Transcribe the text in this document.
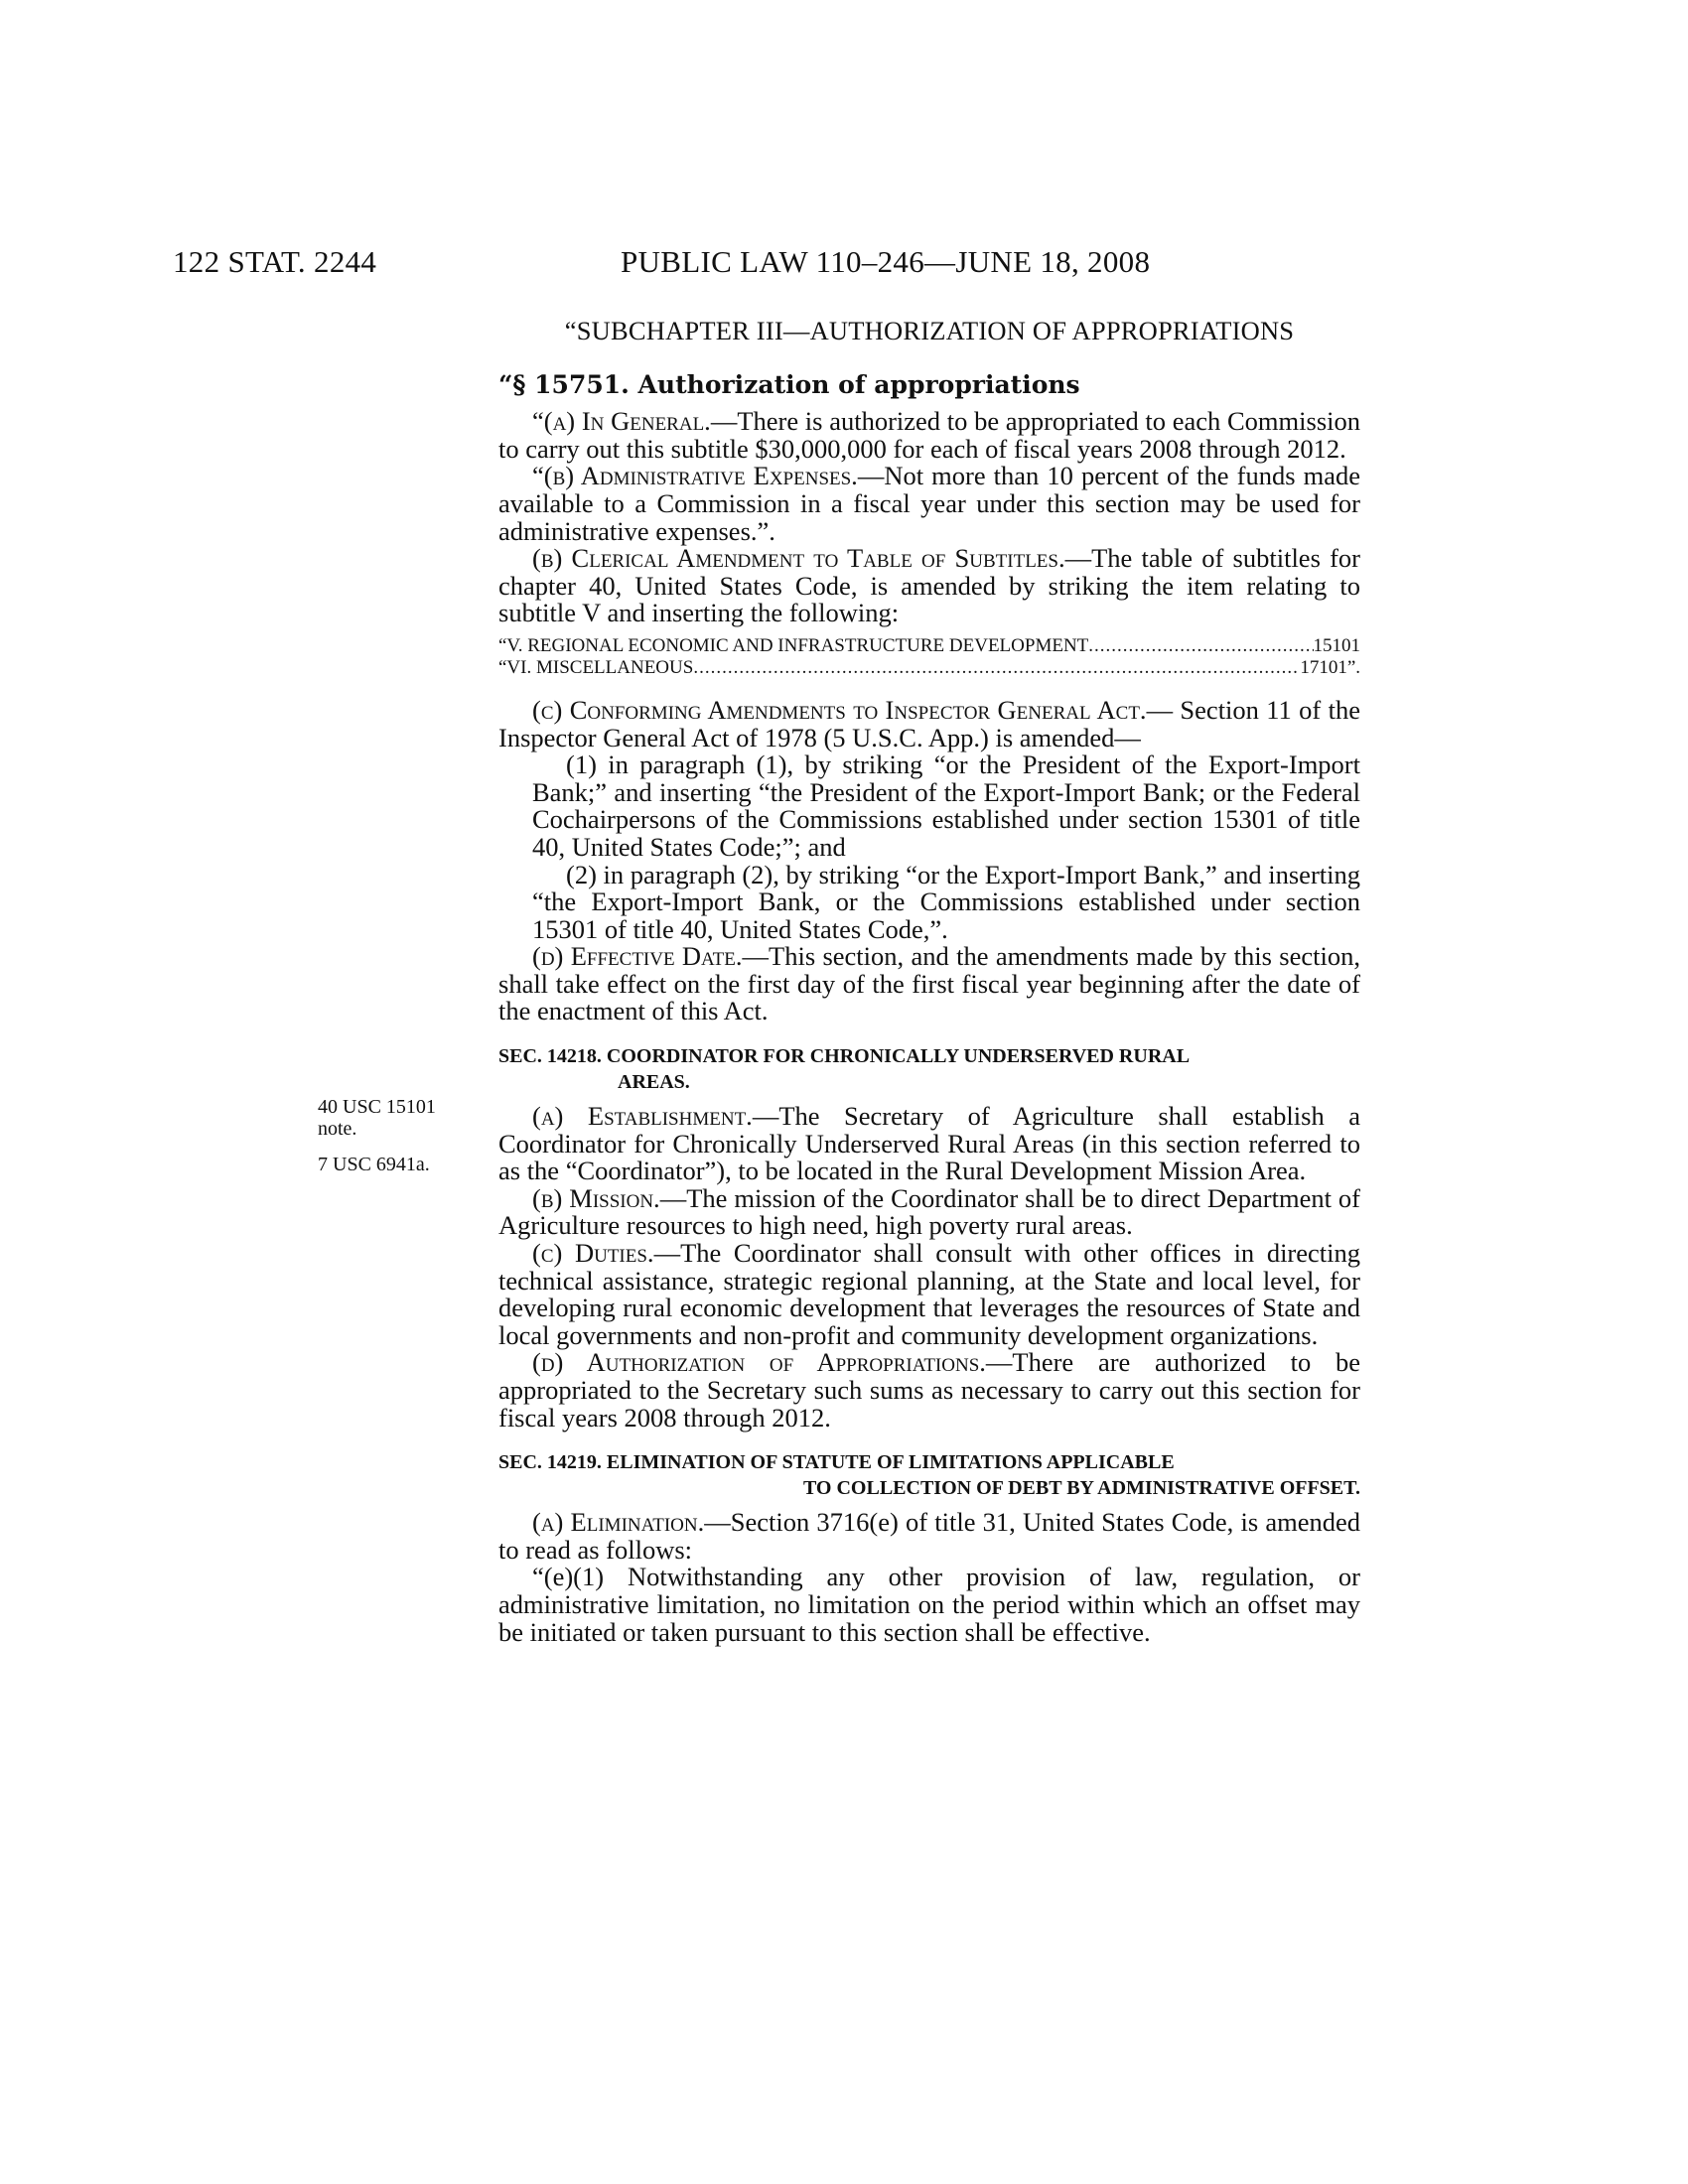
122 STAT. 2244	PUBLIC LAW 110–246—JUNE 18, 2008
40 USC 15101 note.
7 USC 6941a.
“SUBCHAPTER III—AUTHORIZATION OF APPROPRIATIONS
“§ 15751. Authorization of appropriations

“(a) In General.—There is authorized to be appropriated to each Commission to carry out this subtitle $30,000,000 for each of fiscal years 2008 through 2012.

“(b) Administrative Expenses.—Not more than 10 percent of the funds made available to a Commission in a fiscal year under this section may be used for administrative expenses.”.

(b) Clerical Amendment to Table of Subtitles.—The table of subtitles for chapter 40, United States Code, is amended by striking the item relating to subtitle V and inserting the following:

“V. REGIONAL ECONOMIC AND INFRASTRUCTURE DEVELOPMENT .....	15101
“VI. MISCELLANEOUS .....	17101”.

(c) Conforming Amendments to Inspector General Act.— Section 11 of the Inspector General Act of 1978 (5 U.S.C. App.) is amended—

(1) in paragraph (1), by striking “or the President of the Export-Import Bank;” and inserting “the President of the Export-Import Bank; or the Federal Cochairpersons of the Commissions established under section 15301 of title 40, United States Code;”; and

(2) in paragraph (2), by striking “or the Export-Import Bank,” and inserting “the Export-Import Bank, or the Commissions established under section 15301 of title 40, United States Code,”.

(d) Effective Date.—This section, and the amendments made by this section, shall take effect on the first day of the first fiscal year beginning after the date of the enactment of this Act.

SEC. 14218. COORDINATOR FOR CHRONICALLY UNDERSERVED RURAL
AREAS.

(a) Establishment.—The Secretary of Agriculture shall establish a Coordinator for Chronically Underserved Rural Areas (in this section referred to as the “Coordinator”), to be located in the Rural Development Mission Area.

(b) Mission.—The mission of the Coordinator shall be to direct Department of Agriculture resources to high need, high poverty rural areas.

(c) Duties.—The Coordinator shall consult with other offices in directing technical assistance, strategic regional planning, at the State and local level, for developing rural economic development that leverages the resources of State and local governments and non-profit and community development organizations.

(d) Authorization of Appropriations.—There are authorized to be appropriated to the Secretary such sums as necessary to carry out this section for fiscal years 2008 through 2012.

SEC. 14219. ELIMINATION OF STATUTE OF LIMITATIONS APPLICABLE
TO COLLECTION OF DEBT BY ADMINISTRATIVE OFFSET.

(a) Elimination.—Section 3716(e) of title 31, United States Code, is amended to read as follows:

“(e)(1) Notwithstanding any other provision of law, regulation, or administrative limitation, no limitation on the period within which an offset may be initiated or taken pursuant to this section shall be effective.
